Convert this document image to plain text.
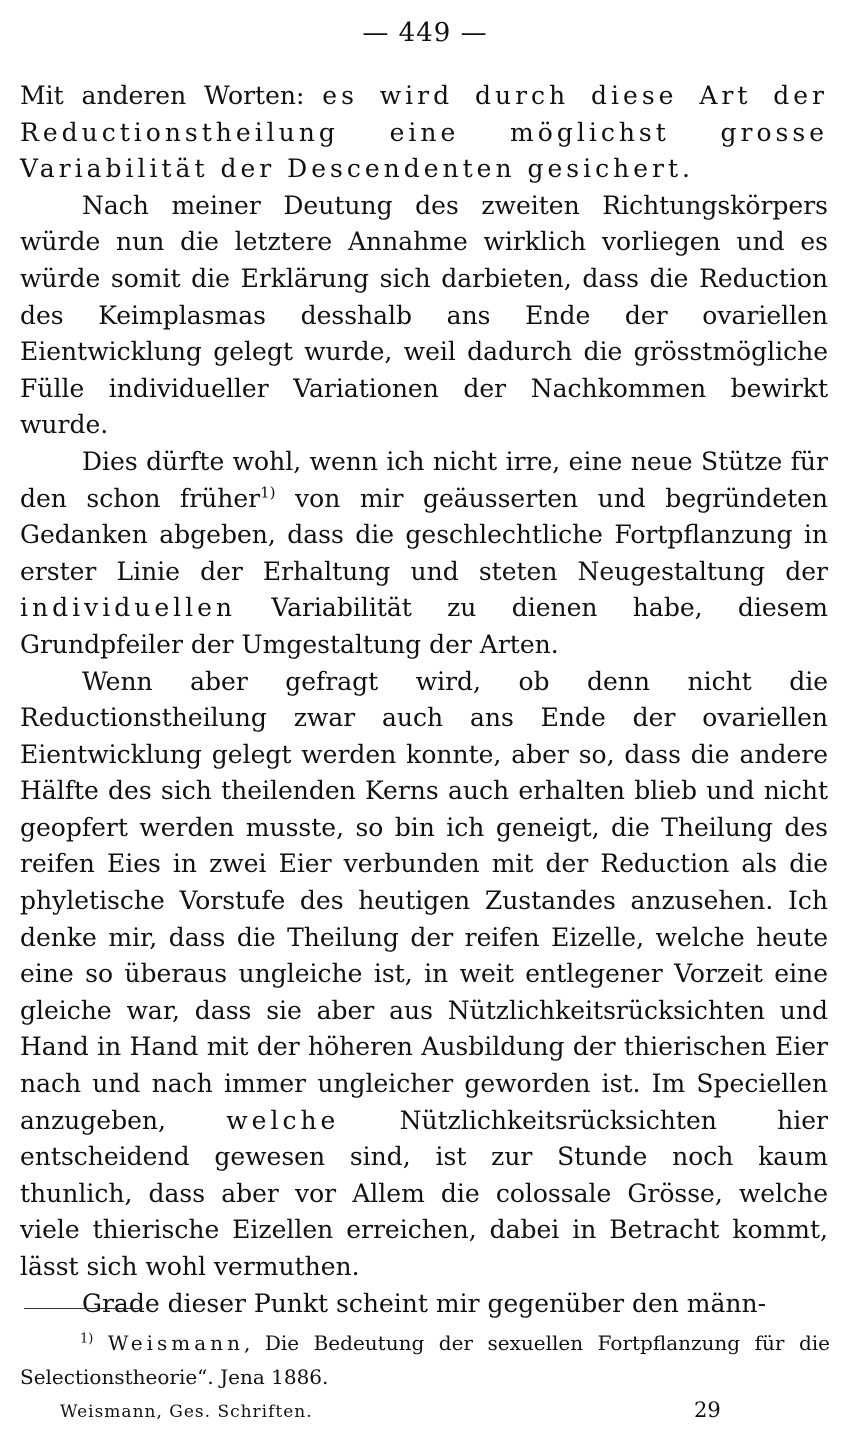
— 449 —

Mit anderen Worten: es wird durch diese Art der Reductionstheilung eine möglichst grosse Variabilität der Descendenten gesichert.

Nach meiner Deutung des zweiten Richtungskörpers würde nun die letztere Annahme wirklich vorliegen und es würde somit die Erklärung sich darbieten, dass die Reduction des Keimplasmas desshalb ans Ende der ovariellen Eientwicklung gelegt wurde, weil dadurch die grösstmögliche Fülle individueller Variationen der Nachkommen bewirkt wurde.

Dies dürfte wohl, wenn ich nicht irre, eine neue Stütze für den schon früher$^{1)}$ von mir geäusserten und begründeten Gedanken abgeben, dass die geschlechtliche Fortpflanzung in erster Linie der Erhaltung und steten Neugestaltung der individuellen Variabilität zu dienen habe, diesem Grundpfeiler der Umgestaltung der Arten.

Wenn aber gefragt wird, ob denn nicht die Reductionstheilung zwar auch ans Ende der ovariellen Eientwicklung gelegt werden konnte, aber so, dass die andere Hälfte des sich theilenden Kerns auch erhalten blieb und nicht geopfert werden musste, so bin ich geneigt, die Theilung des reifen Eies in zwei Eier verbunden mit der Reduction als die phyletische Vorstufe des heutigen Zustandes anzusehen. Ich denke mir, dass die Theilung der reifen Eizelle, welche heute eine so überaus ungleiche ist, in weit entlegener Vorzeit eine gleiche war, dass sie aber aus Nützlichkeitsrücksichten und Hand in Hand mit der höheren Ausbildung der thierischen Eier nach und nach immer ungleicher geworden ist. Im Speciellen anzugeben, welche Nützlichkeitsrücksichten hier entscheidend gewesen sind, ist zur Stunde noch kaum thunlich, dass aber vor Allem die colossale Grösse, welche viele thierische Eizellen erreichen, dabei in Betracht kommt, lässt sich wohl vermuthen.

Grade dieser Punkt scheint mir gegenüber den männ-

$^{1)}$ Weismann, Die Bedeutung der sexuellen Fortpflanzung für die Selectionstheorie“. Jena 1886.
Weismann, Ges. Schriften.	29
